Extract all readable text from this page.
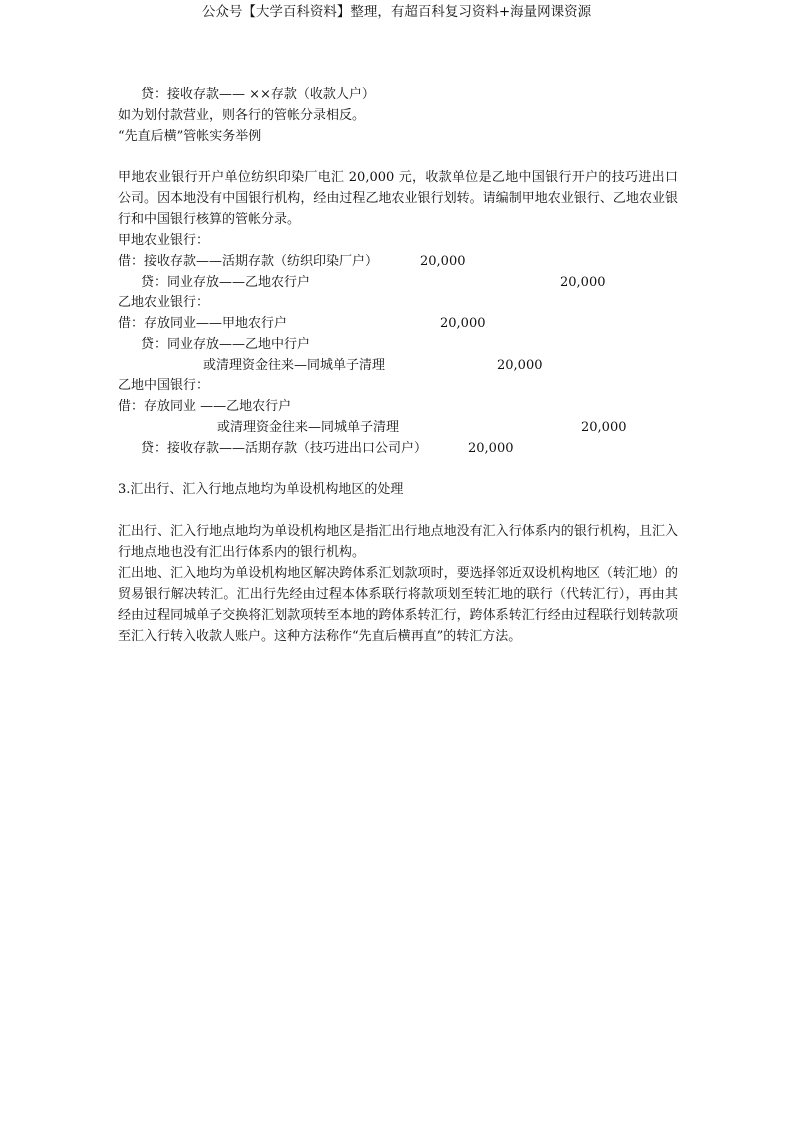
公众号【大学百科资料】整理，有超百科复习资料+海量网课资源
贷：接收存款—— ××存款（收款人户）
如为划付款营业，则各行的管帐分录相反。
“先直后横”管帐实务举例
甲地农业银行开户单位纺织印染厂电汇 20,000 元，收款单位是乙地中国银行开户的技巧进出口公司。因本地没有中国银行机构，经由过程乙地农业银行划转。请编制甲地农业银行、乙地农业银行和中国银行核算的管帐分录。
甲地农业银行：
借：接收存款——活期存款（纺织印染厂户）	20,000
贷：同业存放——乙地农行户	20,000
乙地农业银行：
借：存放同业——甲地农行户	20,000
贷：同业存放——乙地中行户
或清理资金往来—同城单子清理	20,000
乙地中国银行：
借：存放同业 ——乙地农行户
或清理资金往来—同城单子清理	20,000
贷：接收存款——活期存款（技巧进出口公司户）	20,000
3.汇出行、汇入行地点地均为单设机构地区的处理
汇出行、汇入行地点地均为单设机构地区是指汇出行地点地没有汇入行体系内的银行机构，且汇入行地点地也没有汇出行体系内的银行机构。
汇出地、汇入地均为单设机构地区解决跨体系汇划款项时，要选择邻近双设机构地区（转汇地）的贸易银行解决转汇。汇出行先经由过程本体系联行将款项划至转汇地的联行（代转汇行），再由其经由过程同城单子交换将汇划款项转至本地的跨体系转汇行，跨体系转汇行经由过程联行划转款项至汇入行转入收款人账户。这种方法称作“先直后横再直”的转汇方法。
